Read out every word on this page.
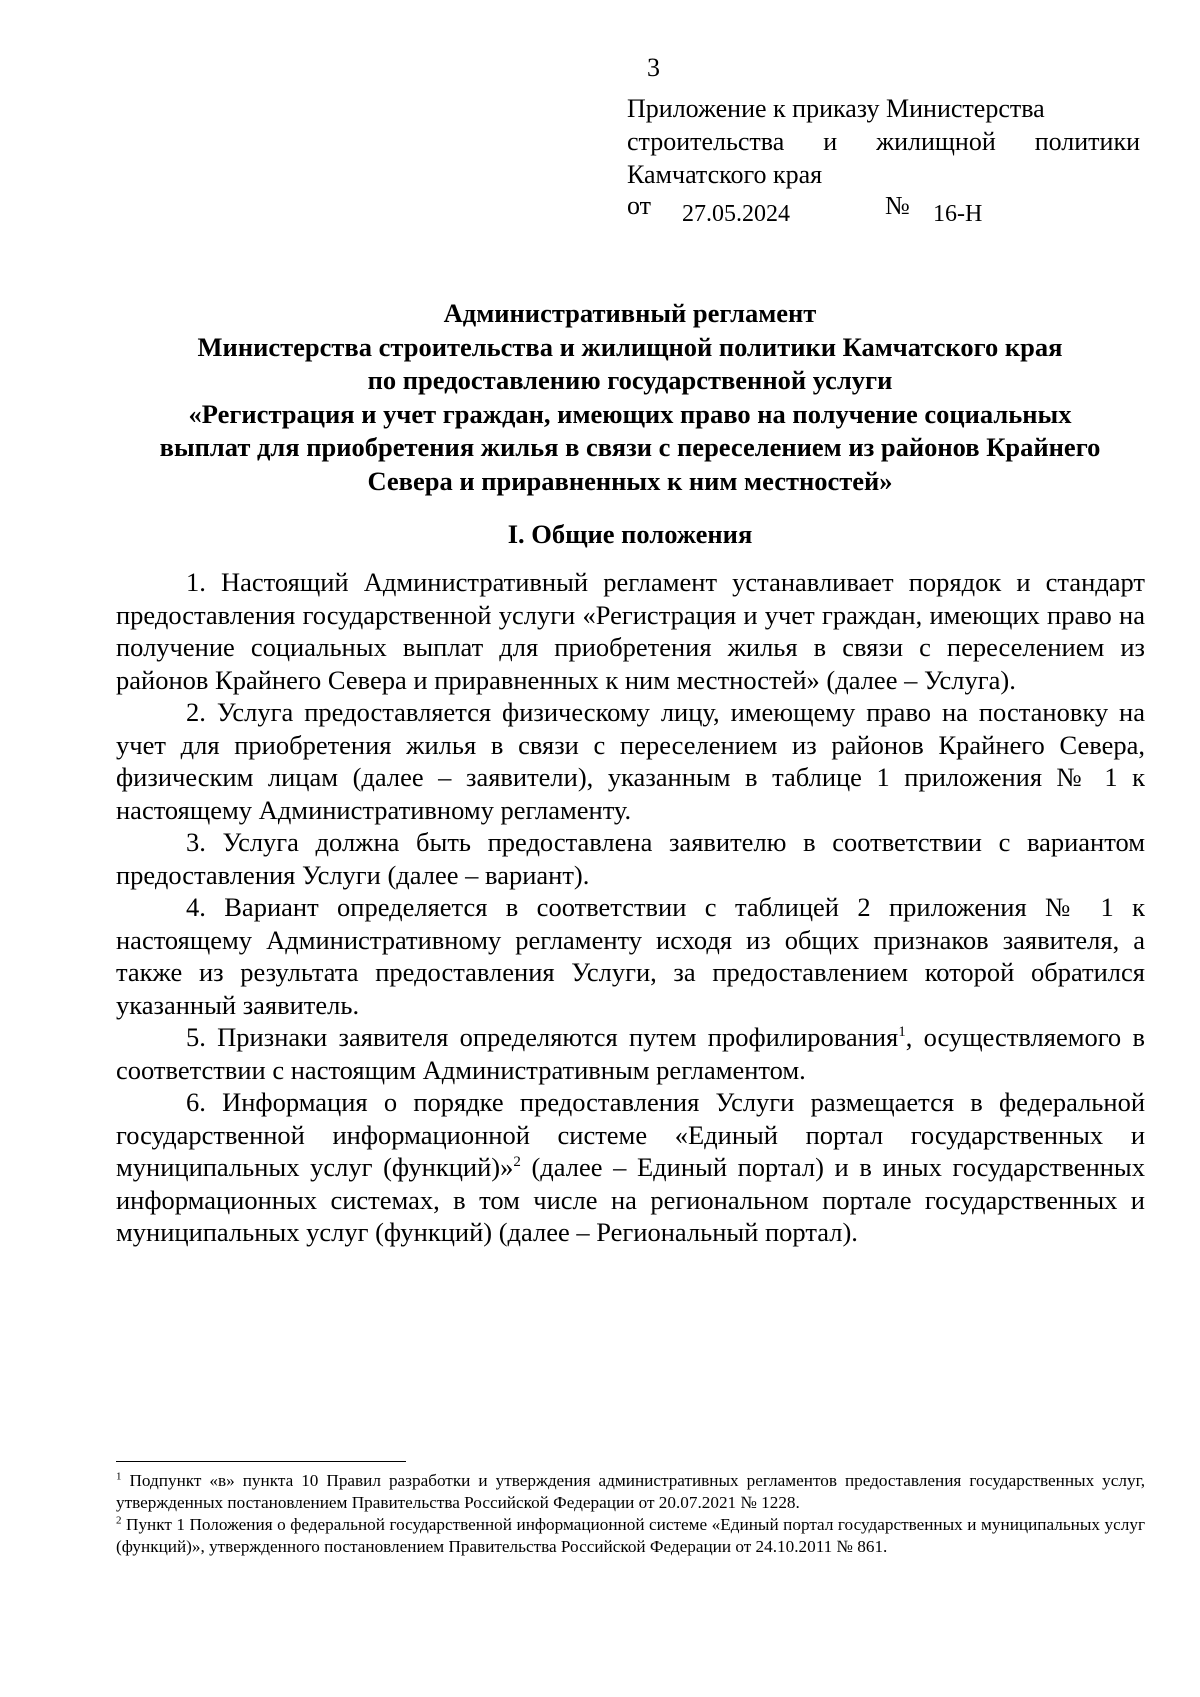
3
Приложение к приказу Министерства
строительства и жилищной политики
Камчатского края
от 27.05.2024	№ 16-Н
Административный регламент
Министерства строительства и жилищной политики Камчатского края
по предоставлению государственной услуги
«Регистрация и учет граждан, имеющих право на получение социальных
выплат для приобретения жилья в связи с переселением из районов Крайнего
Севера и приравненных к ним местностей»
I. Общие положения

1. Настоящий Административный регламент устанавливает порядок и стандарт предоставления государственной услуги «Регистрация и учет граждан, имеющих право на получение социальных выплат для приобретения жилья в связи с переселением из районов Крайнего Севера и приравненных к ним местностей» (далее – Услуга).

2. Услуга предоставляется физическому лицу, имеющему право на постановку на учет для приобретения жилья в связи с переселением из районов Крайнего Севера, физическим лицам (далее – заявители), указанным в таблице 1 приложения № 1 к настоящему Административному регламенту.

3. Услуга должна быть предоставлена заявителю в соответствии с вариантом предоставления Услуги (далее – вариант).

4. Вариант определяется в соответствии с таблицей 2 приложения № 1 к настоящему Административному регламенту исходя из общих признаков заявителя, а также из результата предоставления Услуги, за предоставлением которой обратился указанный заявитель.

5. Признаки заявителя определяются путем профилирования$^1$, осуществляемого в соответствии с настоящим Административным регламентом.

6. Информация о порядке предоставления Услуги размещается в федеральной государственной информационной системе «Единый портал государственных и муниципальных услуг (функций)»$^2$ (далее – Единый портал) и в иных государственных информационных системах, в том числе на региональном портале государственных и муниципальных услуг (функций) (далее – Региональный портал).

$^1$ Подпункт «в» пункта 10 Правил разработки и утверждения административных регламентов предоставления государственных услуг, утвержденных постановлением Правительства Российской Федерации от 20.07.2021 № 1228.

$^2$ Пункт 1 Положения о федеральной государственной информационной системе «Единый портал государственных и муниципальных услуг (функций)», утвержденного постановлением Правительства Российской Федерации от 24.10.2011 № 861.
